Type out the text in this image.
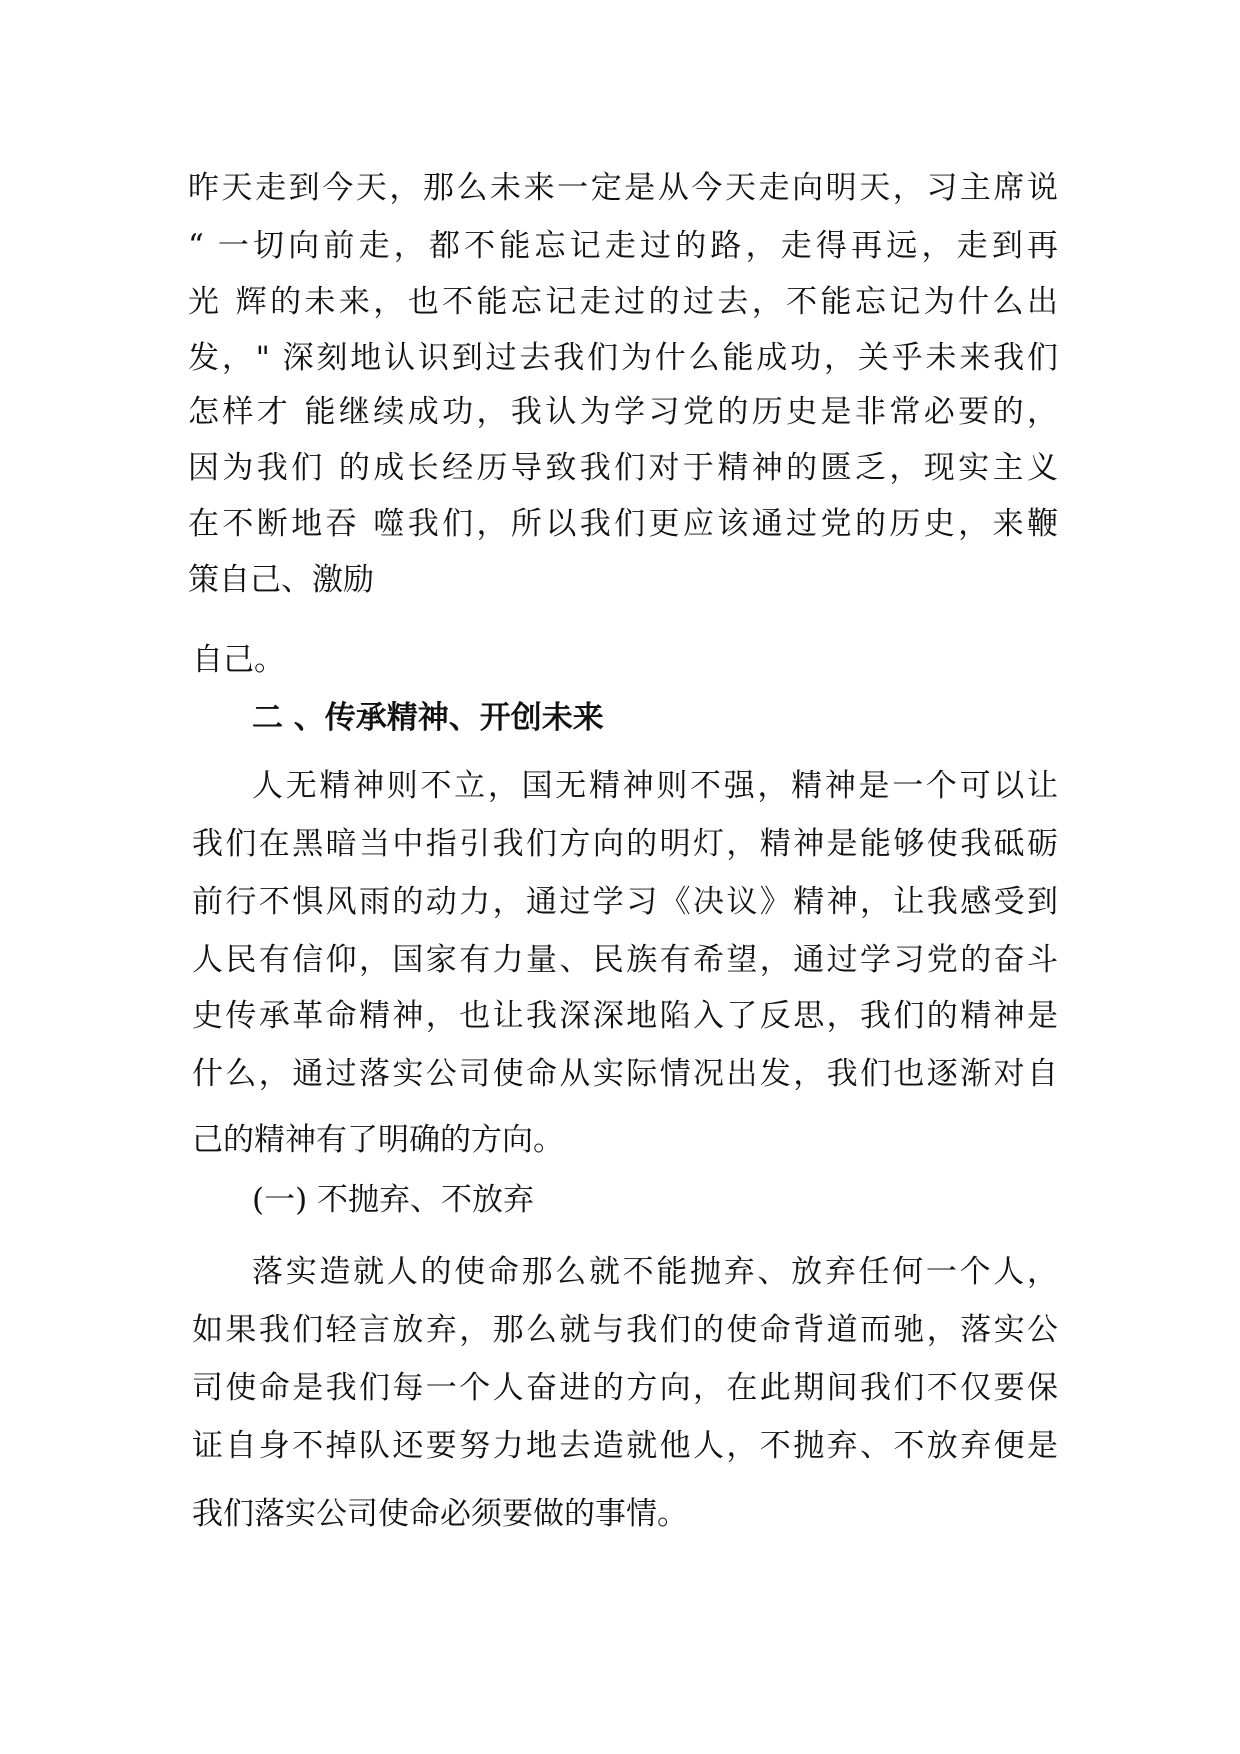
昨天走到今天，那么未来一定是从今天走向明天，习主席说
“ 一切向前走，都不能忘记走过的路，走得再远，走到再
光 辉的未来，也不能忘记走过的过去，不能忘记为什么出
发，" 深刻地认识到过去我们为什么能成功，关乎未来我们
怎样才 能继续成功，我认为学习党的历史是非常必要的，
因为我们 的成长经历导致我们对于精神的匮乏，现实主义
在不断地吞 噬我们，所以我们更应该通过党的历史，来鞭
策自己、激励
自己。
二 、传承精神、开创未来
人无精神则不立，国无精神则不强，精神是一个可以让
我们在黑暗当中指引我们方向的明灯，精神是能够使我砥砺
前行不惧风雨的动力，通过学习《决议》精神，让我感受到
人民有信仰，国家有力量、民族有希望，通过学习党的奋斗
史传承革命精神，也让我深深地陷入了反思，我们的精神是
什么，通过落实公司使命从实际情况出发，我们也逐渐对自
己的精神有了明确的方向。
(一) 不抛弃、不放弃
落实造就人的使命那么就不能抛弃、放弃任何一个人，
如果我们轻言放弃，那么就与我们的使命背道而驰，落实公
司使命是我们每一个人奋进的方向，在此期间我们不仅要保
证自身不掉队还要努力地去造就他人，不抛弃、不放弃便是
我们落实公司使命必须要做的事情。
